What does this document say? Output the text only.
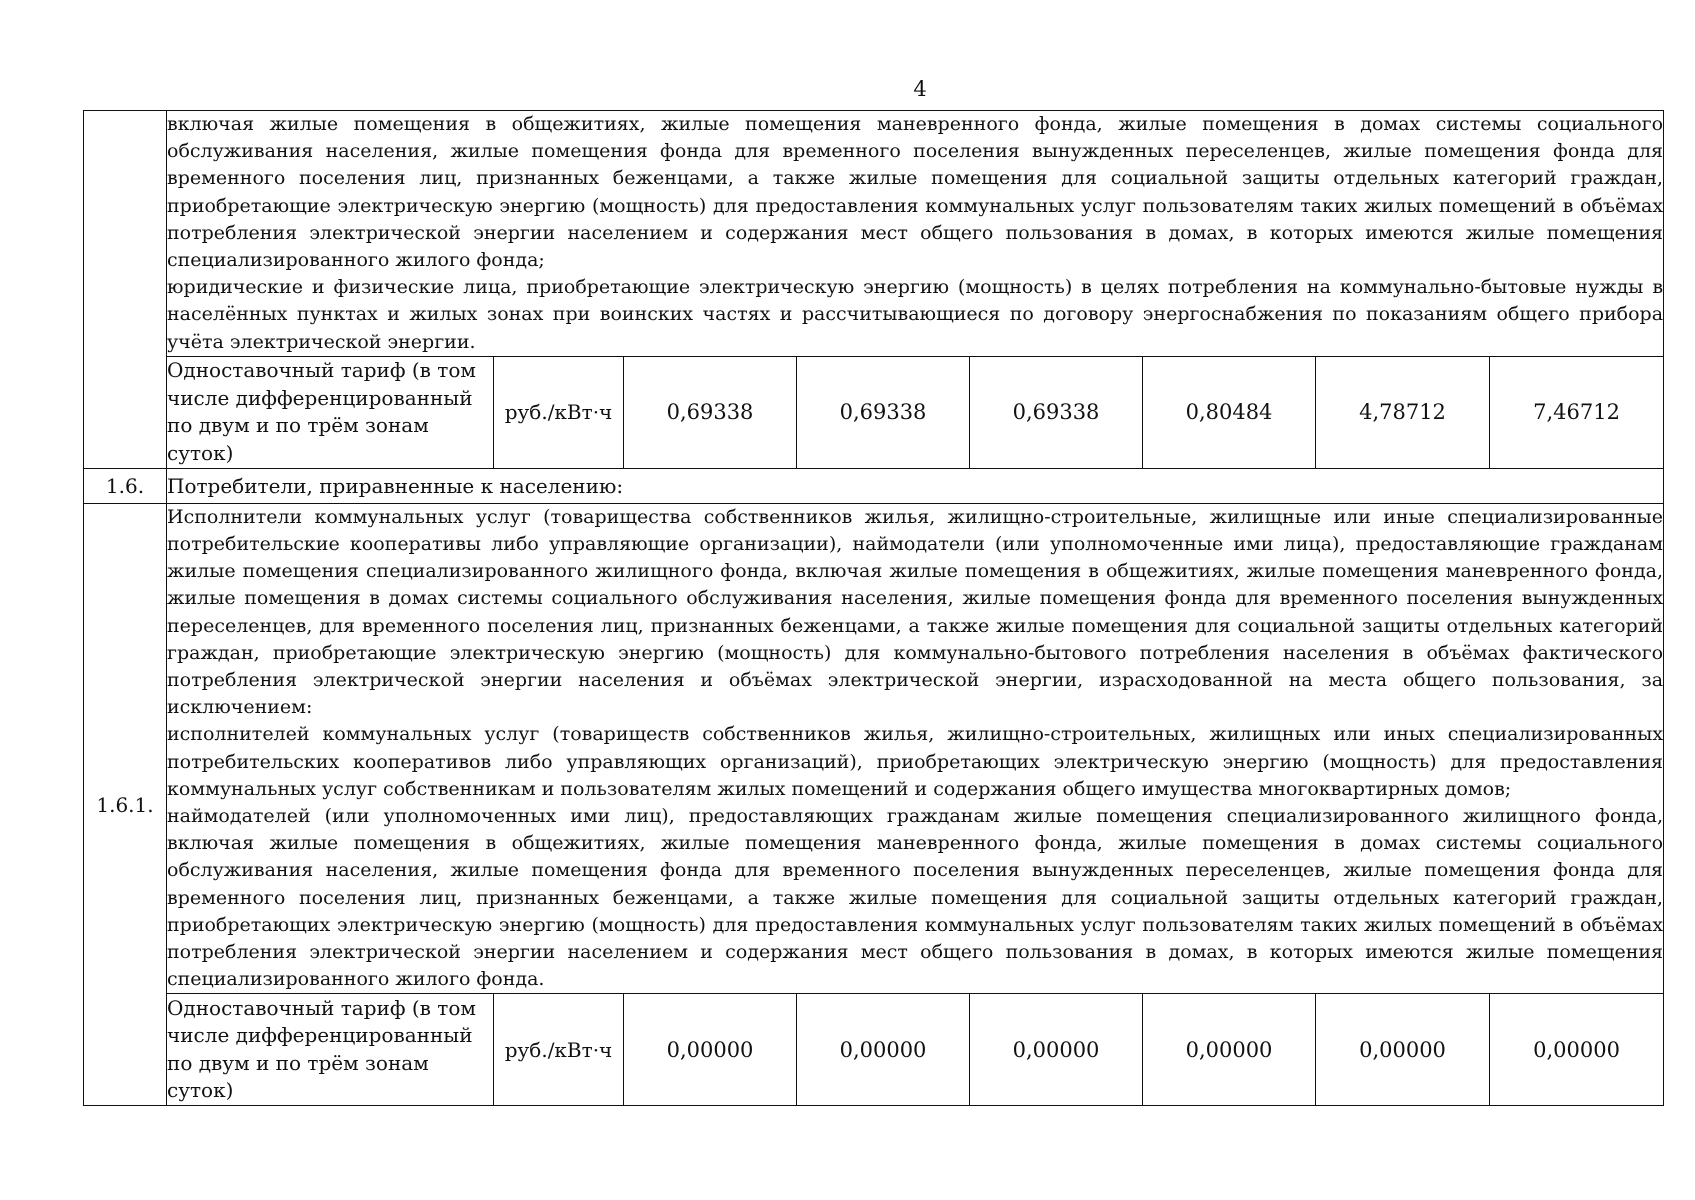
4

	включая жилые помещения в общежитиях, жилые помещения маневренного фонда, жилые помещения в домах системы социального обслуживания населения, жилые помещения фонда для временного поселения вынужденных переселенцев, жилые помещения фонда для временного поселения лиц, признанных беженцами, а также жилые помещения для социальной защиты отдельных категорий граждан, приобретающие электрическую энергию (мощность) для предоставления коммунальных услуг пользователям таких жилых помещений в объёмах потребления электрической энергии населением и содержания мест общего пользования в домах, в которых имеются жилые помещения специализированного жилого фонда;

юридические и физические лица, приобретающие электрическую энергию (мощность) в целях потребления на коммунально-бытовые нужды в населённых пунктах и жилых зонах при воинских частях и рассчитывающиеся по договору энергоснабжения по показаниям общего прибора учёта электрической энергии.							

	Одноставочный тариф (в том числе дифференцированный по двум и по трём зонам суток)	руб./кВт·ч	0,69338	0,69338	0,69338	0,80484	4,78712	7,46712
1.6.	Потребители, приравненные к населению:							
1.6.1.	Исполнители коммунальных услуг (товарищества собственников жилья, жилищно-строительные, жилищные или иные специализированные потребительские кооперативы либо управляющие организации), наймодатели (или уполномоченные ими лица), предоставляющие гражданам жилые помещения специализированного жилищного фонда, включая жилые помещения в общежитиях, жилые помещения маневренного фонда, жилые помещения в домах системы социального обслуживания населения, жилые помещения фонда для временного поселения вынужденных переселенцев, для временного поселения лиц, признанных беженцами, а также жилые помещения для социальной защиты отдельных категорий граждан, приобретающие электрическую энергию (мощность) для коммунально-бытового потребления населения в объёмах фактического потребления электрической энергии населения и объёмах электрической энергии, израсходованной на места общего пользования, за исключением:

исполнителей коммунальных услуг (товариществ собственников жилья, жилищно-строительных, жилищных или иных специализированных потребительских кооперативов либо управляющих организаций), приобретающих электрическую энергию (мощность) для предоставления коммунальных услуг собственникам и пользователям жилых помещений и содержания общего имущества многоквартирных домов;

наймодателей (или уполномоченных ими лиц), предоставляющих гражданам жилые помещения специализированного жилищного фонда, включая жилые помещения в общежитиях, жилые помещения маневренного фонда, жилые помещения в домах системы социального обслуживания населения, жилые помещения фонда для временного поселения вынужденных переселенцев, жилые помещения фонда для временного поселения лиц, признанных беженцами, а также жилые помещения для социальной защиты отдельных категорий граждан, приобретающих электрическую энергию (мощность) для предоставления коммунальных услуг пользователям таких жилых помещений в объёмах потребления электрической энергии населением и содержания мест общего пользования в домах, в которых имеются жилые помещения специализированного жилого фонда.							

	Одноставочный тариф (в том числе дифференцированный по двум и по трём зонам суток)	руб./кВт·ч	0,00000	0,00000	0,00000	0,00000	0,00000	0,00000
